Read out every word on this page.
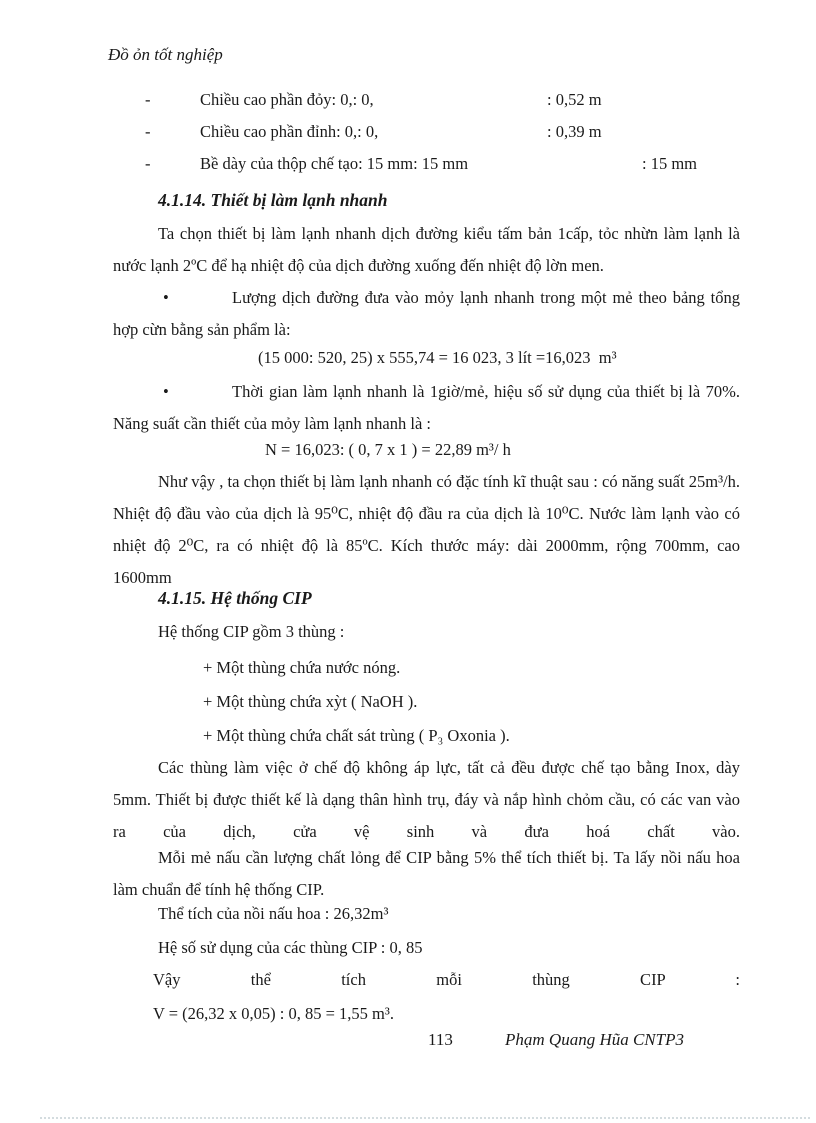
Đồ ỏn tốt nghiệp
-	Chiều cao phần đỏy: 0,: 0,	: 0,52 m
-	Chiều cao phần đỉnh: 0,: 0,	: 0,39 m
-	Bề dày của thộp chế tạo: 15 mm: 15 mm	: 15 mm
4.1.14. Thiết bị làm lạnh nhanh

Ta chọn thiết bị làm lạnh nhanh dịch đường kiểu tấm bản 1cấp, tỏc nhừn làm lạnh là nước lạnh 2ºC để hạ nhiệt độ của dịch đường xuống đến nhiệt độ lờn men.

•	Lượng dịch đường đưa vào mỏy lạnh nhanh trong một mẻ theo bảng tổng hợp cừn bằng sản phẩm là:

(15 000: 520, 25) x 555,74 = 16 023, 3 lít =16,023  m³

•	Thời gian làm lạnh nhanh là 1giờ/mẻ, hiệu số sử dụng của thiết bị là 70%. Năng suất cần thiết của mỏy làm lạnh nhanh là :

N = 16,023: ( 0, 7 x 1 ) = 22,89 m³/ h

Như vậy , ta chọn thiết bị làm lạnh nhanh có đặc tính kĩ thuật sau : có năng suất 25m³/h. Nhiệt độ đầu vào của dịch là 95⁰C, nhiệt độ đầu ra của dịch là 10⁰C. Nước làm lạnh vào có nhiệt độ 2⁰C, ra có nhiệt độ là 85ºC. Kích thước máy: dài 2000mm, rộng 700mm, cao 1600mm

4.1.15. Hệ thống CIP

Hệ thống CIP gồm 3 thùng :

+ Một thùng chứa nước nóng.

+ Một thùng chứa xỳt ( NaOH ).

+ Một thùng chứa chất sát trùng ( P₃ Oxonia ).

Các thùng làm việc ở chế độ không áp lực, tất cả đều được chế tạo bằng Inox, dày 5mm. Thiết bị được thiết kế là dạng thân hình trụ, đáy và nắp hình chỏm cầu, có các van vào ra của dịch, cửa vệ sinh và đưa hoá chất vào.

Mỗi mẻ nấu cần lượng chất lỏng để CIP bằng 5% thể tích thiết bị. Ta lấy nồi nấu hoa làm chuẩn để tính hệ thống CIP.

Thể tích của nồi nấu hoa : 26,32m³

Hệ số sử dụng của các thùng CIP : 0, 85

Vậy thể tích mỗi thùng CIP :

V = (26,32 x 0,05) : 0, 85 = 1,55 m³.

113	Phạm Quang Hũa CNTP3
